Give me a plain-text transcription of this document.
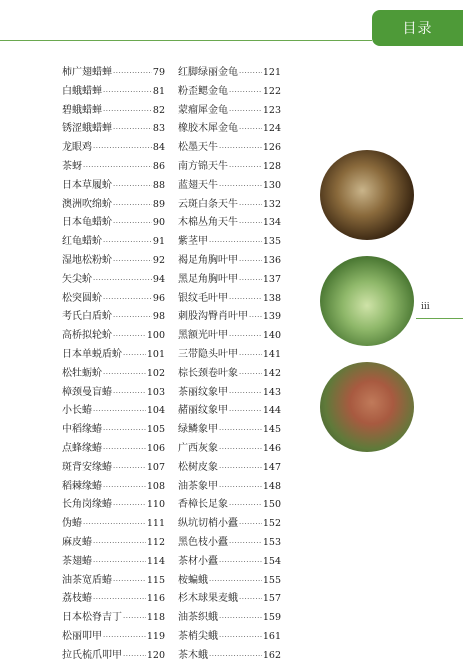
目录
柿广翅蜡蝉 ·····	79
白蛾蜡蝉 ·····	81
碧蛾蜡蝉 ·····	82
锈涩蛾蜡蝉 ·····	83
龙眼鸡 ·····	84
茶蚜 ·····	86
日本草履蚧 ·····	88
澳洲吹绵蚧 ·····	89
日本龟蜡蚧 ·····	90
红龟蜡蚧 ·····	91
湿地松粉蚧 ·····	92
矢尖蚧 ·····	94
松突圆蚧 ·····	96
考氏白盾蚧 ·····	98
高桥拟轮蚧 ·····	100
日本单蜕盾蚧 ·····	101
松牡蛎蚧 ·····	102
樟颈曼盲蝽 ·····	103
小长蝽 ·····	104
中稻缘蝽 ·····	105
点蜂缘蝽 ·····	106
斑背安缘蝽 ·····	107
稻棘缘蝽 ·····	108
长角岗缘蝽 ·····	110
伪蝽 ·····	111
麻皮蝽 ·····	112
茶翅蝽 ·····	114
油茶宽盾蝽 ·····	115
荔枝蝽 ·····	116
日本松脊吉丁 ·····	118
松丽叩甲 ·····	119
拉氏梳爪叩甲 ·····	120
红脚绿丽金龟 ·····	121
粉歪鳃金龟 ·····	122
蒙瘤犀金龟 ·····	123
橡胶木犀金龟 ·····	124
松墨天牛 ·····	126
南方锦天牛 ·····	128
蓝翅天牛 ·····	130
云斑白条天牛 ·····	132
木棉丛角天牛 ·····	134
紫茎甲 ·····	135
褐足角胸叶甲 ·····	136
黑足角胸叶甲 ·····	137
银纹毛叶甲 ·····	138
刺股沟臀肖叶甲 ····· 139
黑额光叶甲 ·····	140
三带隐头叶甲 ·····	141
棕长颈卷叶象 ·····	142
茶丽纹象甲 ·····	143
赭丽纹象甲 ·····	144
绿鳞象甲 ·····	145
广西灰象 ·····	146
松树皮象 ·····	147
油茶象甲 ·····	148
香樟长足象 ·····	150
纵坑切梢小蠹 ·····	152
黑色枝小蠹 ·····	153
茶材小蠹 ·····	154
桉蝙蛾 ·····	155
杉木球果麦蛾 ·····	157
油茶织蛾 ·····	159
茶梢尖蛾 ·····	161
茶木蛾 ·····	162
iii
